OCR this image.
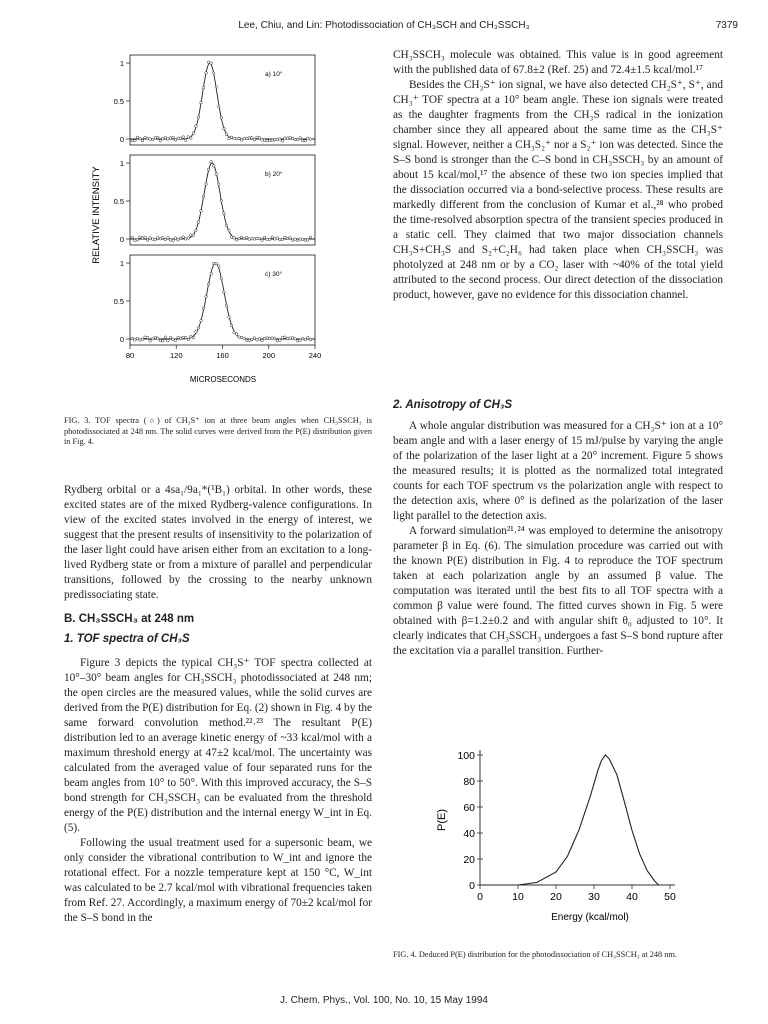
Lee, Chiu, and Lin: Photodissociation of CH₃SCH and CH₃SSCH₃	7379
RELATIVE INTENSITY
1
0.5
0
a) 10°
1
0.5
0
b) 20°
1
0.5
0
c) 30°
80	120	160	200	240
MICROSECONDS
FIG. 3. TOF spectra (○) of CH₃S⁺ ion at three beam angles when CH₃SSCH₃ is photodissociated at 248 nm. The solid curves were derived from the P(E) distribution given in Fig. 4.

Rydberg orbital or a 4sa₁/9a₁*(¹B₁) orbital. In other words, these excited states are of the mixed Rydberg-valence configurations. In view of the excited states involved in the energy of interest, we suggest that the present results of insensitivity to the polarization of the laser light could have arisen either from an excitation to a long-lived Rydberg state or from a mixture of parallel and perpendicular transitions, followed by the crossing to the nearby unknown predissociating state.

B. CH₃SSCH₃ at 248 nm

1. TOF spectra of CH₃S

Figure 3 depicts the typical CH₃S⁺ TOF spectra collected at 10°–30° beam angles for CH₃SSCH₃ photodissociated at 248 nm; the open circles are the measured values, while the solid curves are derived from the P(E) distribution for Eq. (2) shown in Fig. 4 by the same forward convolution method.²²˒²³ The resultant P(E) distribution led to an average kinetic energy of ~33 kcal/mol with a maximum threshold energy at 47±2 kcal/mol. The uncertainty was calculated from the averaged value of four separated runs for the beam angles from 10° to 50°. With this improved accuracy, the S–S bond strength for CH₃SSCH₃ can be evaluated from the threshold energy of the P(E) distribution and the internal energy W_int in Eq. (5).

Following the usual treatment used for a supersonic beam, we only consider the vibrational contribution to W_int and ignore the rotational effect. For a nozzle temperature kept at 150 °C, W_int was calculated to be 2.7 kcal/mol with vibrational frequencies taken from Ref. 27. Accordingly, a maximum energy of 70±2 kcal/mol for the S–S bond in the

CH₃SSCH₃ molecule was obtained. This value is in good agreement with the published data of 67.8±2 (Ref. 25) and 72.4±1.5 kcal/mol.¹⁷

Besides the CH₃S⁺ ion signal, we have also detected CH₂S⁺, S⁺, and CH₃⁺ TOF spectra at a 10° beam angle. These ion signals were treated as the daughter fragments from the CH₃S radical in the ionization chamber since they all appeared about the same time as the CH₃S⁺ signal. However, neither a CH₃S₂⁺ nor a S₂⁺ ion was detected. Since the S–S bond is stronger than the C–S bond in CH₃SSCH₃ by an amount of about 15 kcal/mol,¹⁷ the absence of these two ion species implied that the dissociation occurred via a bond-selective process. These results are markedly different from the conclusion of Kumar et al.,²⁸ who probed the time-resolved absorption spectra of the transient species produced in a static cell. They claimed that two major dissociation channels CH₃S+CH₃S and S₂+C₂H₆ had taken place when CH₃SSCH₃ was photolyzed at 248 nm or by a CO₂ laser with ~40% of the total yield attributed to the second process. Our direct detection of the dissociation product, however, gave no evidence for this dissociation channel.

2. Anisotropy of CH₃S

A whole angular distribution was measured for a CH₃S⁺ ion at a 10° beam angle and with a laser energy of 15 mJ/pulse by varying the angle of the polarization of the laser light at a 20° increment. Figure 5 shows the measured results; it is plotted as the normalized total integrated counts for each TOF spectrum vs the polarization angle with respect to the detection axis, where 0° is defined as the polarization of the laser light parallel to the detection axis.

A forward simulation²¹˒²⁴ was employed to determine the anisotropy parameter β in Eq. (6). The simulation procedure was carried out with the known P(E) distribution in Fig. 4 to reproduce the TOF spectrum taken at each polarization angle by an assumed β value. The computation was iterated until the best fits to all TOF spectra with a common β value were found. The fitted curves shown in Fig. 5 were obtained with β=1.2±0.2 and with angular shift θ₀ adjusted to 10°. It clearly indicates that CH₃SSCH₃ undergoes a fast S–S bond rupture after the excitation via a parallel transition. Further-

P(E)
Energy (kcal/mol)
0	10	20	30	40	50
100
80
60
40
20
0
FIG. 4. Deduced P(E) distribution for the photodissociation of CH₃SSCH₃ at 248 nm.
J. Chem. Phys., Vol. 100, No. 10, 15 May 1994
